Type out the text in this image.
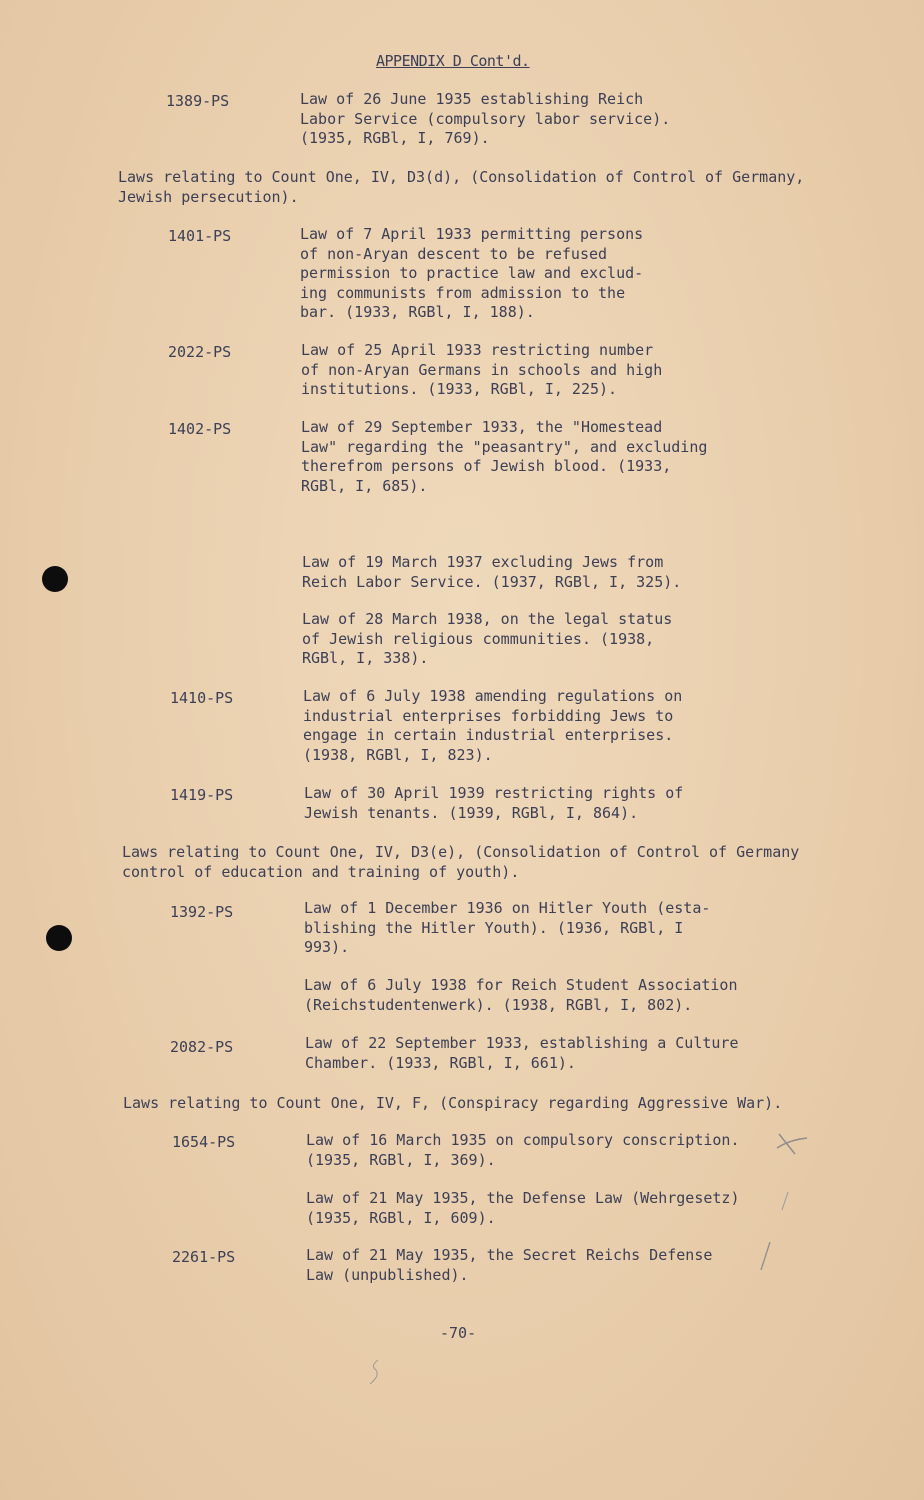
APPENDIX D Cont'd.
1389-PS	Law of 26 June 1935 establishing Reich
Labor Service (compulsory labor service).
(1935, RGBl, I, 769).
Laws relating to Count One, IV, D3(d), (Consolidation of Control of Germany,
Jewish persecution).
1401-PS	Law of 7 April 1933 permitting persons
of non-Aryan descent to be refused
permission to practice law and exclud-
ing communists from admission to the
bar. (1933, RGBl, I, 188).
2022-PS	Law of 25 April 1933 restricting number
of non-Aryan Germans in schools and high
institutions. (1933, RGBl, I, 225).
1402-PS	Law of 29 September 1933, the "Homestead
Law" regarding the "peasantry", and excluding
therefrom persons of Jewish blood. (1933,
RGBl, I, 685).
Law of 19 March 1937 excluding Jews from
Reich Labor Service. (1937, RGBl, I, 325).
Law of 28 March 1938, on the legal status
of Jewish religious communities. (1938,
RGBl, I, 338).
1410-PS	Law of 6 July 1938 amending regulations on
industrial enterprises forbidding Jews to
engage in certain industrial enterprises.
(1938, RGBl, I, 823).
1419-PS	Law of 30 April 1939 restricting rights of
Jewish tenants. (1939, RGBl, I, 864).
Laws relating to Count One, IV, D3(e), (Consolidation of Control of Germany
control of education and training of youth).
1392-PS	Law of 1 December 1936 on Hitler Youth (esta-
blishing the Hitler Youth). (1936, RGBl, I
993).
Law of 6 July 1938 for Reich Student Association
(Reichstudentenwerk). (1938, RGBl, I, 802).
2082-PS	Law of 22 September 1933, establishing a Culture
Chamber. (1933, RGBl, I, 661).
Laws relating to Count One, IV, F, (Conspiracy regarding Aggressive War).
1654-PS	Law of 16 March 1935 on compulsory conscription.
(1935, RGBl, I, 369).
Law of 21 May 1935, the Defense Law (Wehrgesetz)
(1935, RGBl, I, 609).
2261-PS	Law of 21 May 1935, the Secret Reichs Defense
Law (unpublished).
-70-
